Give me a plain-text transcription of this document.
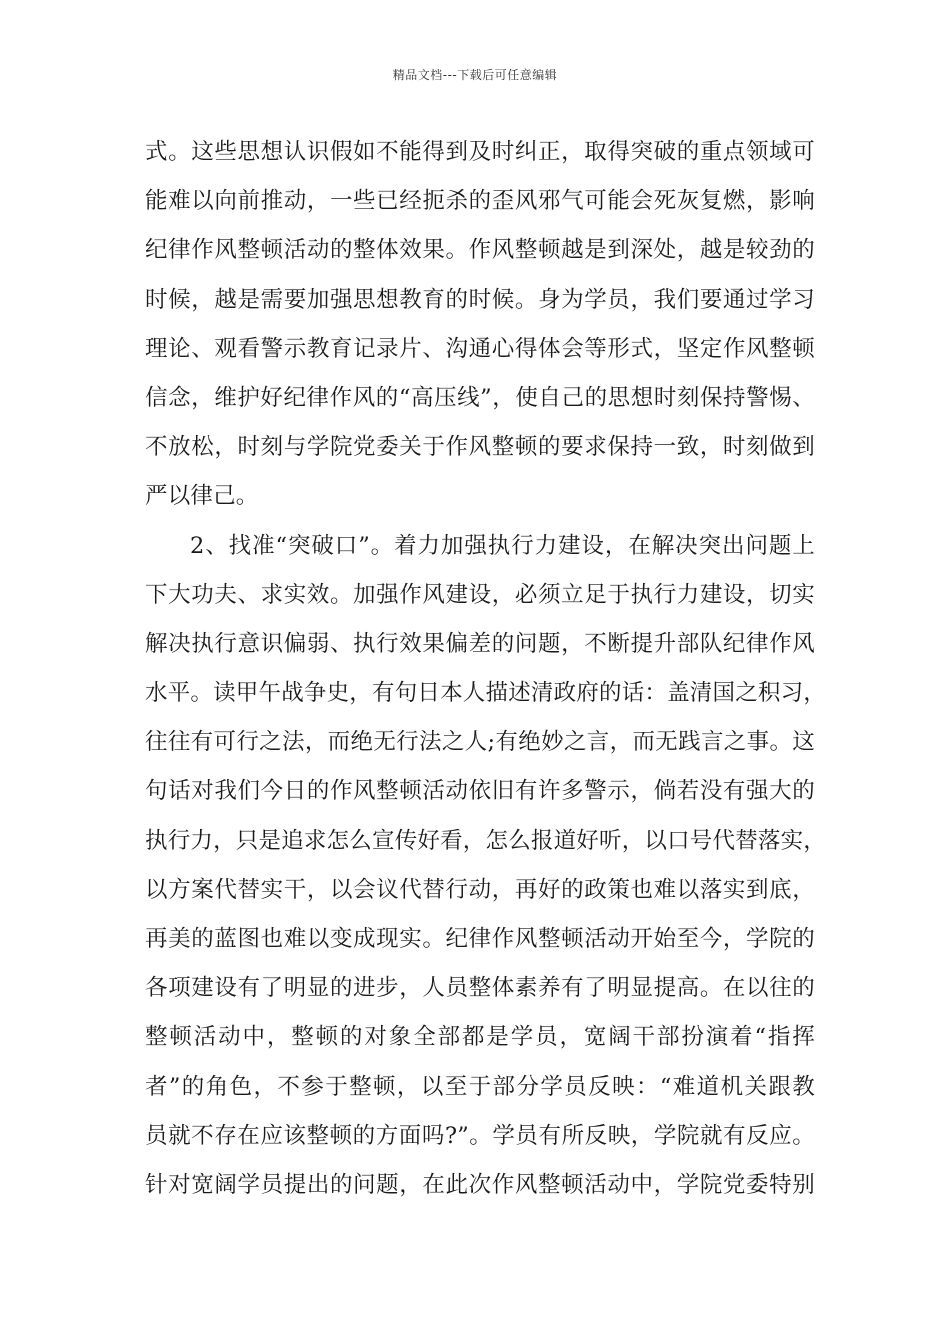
精品文档---下载后可任意编辑
式。这些思想认识假如不能得到及时纠正，取得突破的重点领域可
能难以向前推动，一些已经扼杀的歪风邪气可能会死灰复燃，影响
纪律作风整顿活动的整体效果。作风整顿越是到深处，越是较劲的
时候，越是需要加强思想教育的时候。身为学员，我们要通过学习
理论、观看警示教育记录片、沟通心得体会等形式，坚定作风整顿
信念，维护好纪律作风的“高压线”，使自己的思想时刻保持警惕、
不放松，时刻与学院党委关于作风整顿的要求保持一致，时刻做到
严以律己。
2、找准“突破口”。着力加强执行力建设，在解决突出问题上
下大功夫、求实效。加强作风建设，必须立足于执行力建设，切实
解决执行意识偏弱、执行效果偏差的问题，不断提升部队纪律作风
水平。读甲午战争史，有句日本人描述清政府的话：盖清国之积习，
往往有可行之法，而绝无行法之人;有绝妙之言，而无践言之事。这
句话对我们今日的作风整顿活动依旧有许多警示，倘若没有强大的
执行力，只是追求怎么宣传好看，怎么报道好听，以口号代替落实，
以方案代替实干，以会议代替行动，再好的政策也难以落实到底，
再美的蓝图也难以变成现实。纪律作风整顿活动开始至今，学院的
各项建设有了明显的进步，人员整体素养有了明显提高。在以往的
整顿活动中，整顿的对象全部都是学员，宽阔干部扮演着“指挥
者”的角色，不参于整顿，以至于部分学员反映：“难道机关跟教
员就不存在应该整顿的方面吗?”。学员有所反映，学院就有反应。
针对宽阔学员提出的问题，在此次作风整顿活动中，学院党委特别
